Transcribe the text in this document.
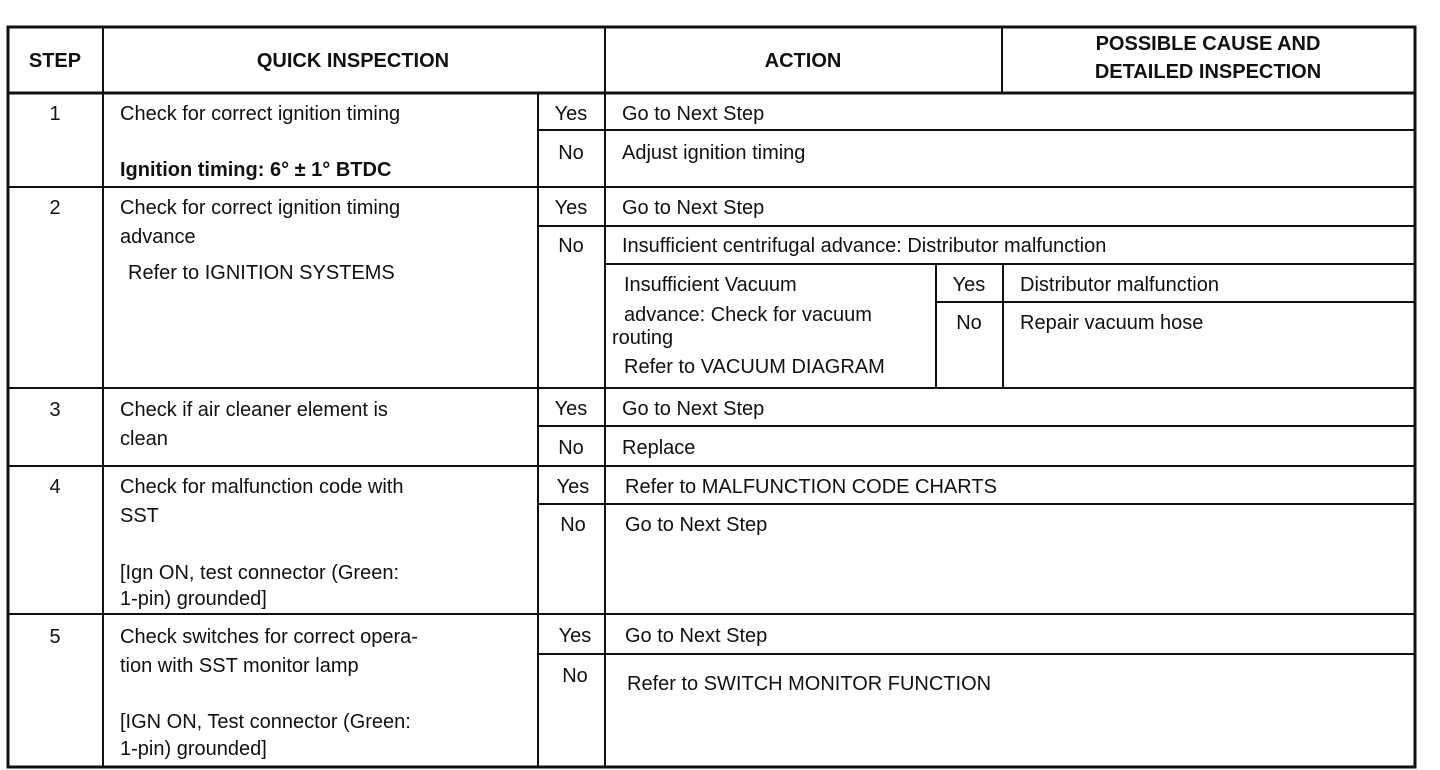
STEP	QUICK INSPECTION	ACTION
POSSIBLE CAUSE AND
DETAILED INSPECTION
1	Check for correct ignition timing
Ignition timing: 6° ± 1° BTDC
Yes Go to Next Step
No Adjust ignition timing
2	Check for correct ignition timing
advance
Refer to IGNITION SYSTEMS
Yes Go to Next Step
No Insufficient centrifugal advance: Distributor malfunction
Insufficient Vacuum
advance: Check for vacuum
routing
Refer to VACUUM DIAGRAM
Yes Distributor malfunction
No Repair vacuum hose
3	Check if air cleaner element is
clean
Yes Go to Next Step
No Replace
4	Check for malfunction code with
SST
[Ign ON, test connector (Green:
1-pin) grounded]
Yes Refer to MALFUNCTION CODE CHARTS
No Go to Next Step
5	Check switches for correct opera-
tion with SST monitor lamp
[IGN ON, Test connector (Green:
1-pin) grounded]
Yes Go to Next Step
No Refer to SWITCH MONITOR FUNCTION
